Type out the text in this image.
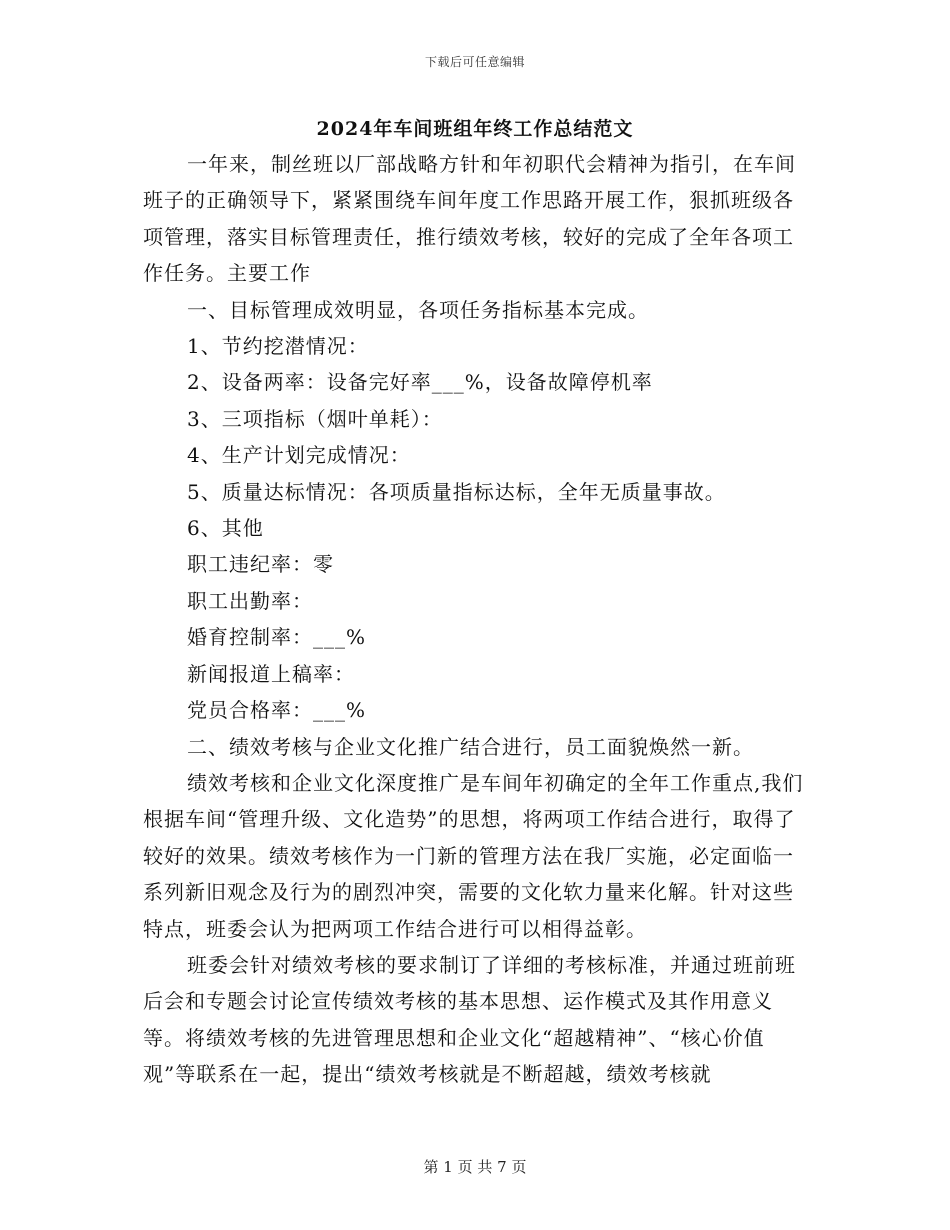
下载后可任意编辑
2024年车间班组年终工作总结范文

一年来，制丝班以厂部战略方针和年初职代会精神为指引，在车间班子的正确领导下，紧紧围绕车间年度工作思路开展工作，狠抓班级各项管理，落实目标管理责任，推行绩效考核，较好的完成了全年各项工作任务。主要工作

一、目标管理成效明显，各项任务指标基本完成。

1、节约挖潜情况：

2、设备两率：设备完好率___%，设备故障停机率

3、三项指标（烟叶单耗）：

4、生产计划完成情况：

5、质量达标情况：各项质量指标达标，全年无质量事故。

6、其他

职工违纪率：零

职工出勤率：

婚育控制率：___%

新闻报道上稿率：

党员合格率：___%

二、绩效考核与企业文化推广结合进行，员工面貌焕然一新。

绩效考核和企业文化深度推广是车间年初确定的全年工作重点,我们根据车间“管理升级、文化造势”的思想，将两项工作结合进行，取得了较好的效果。绩效考核作为一门新的管理方法在我厂实施，必定面临一系列新旧观念及行为的剧烈冲突，需要的文化软力量来化解。针对这些特点，班委会认为把两项工作结合进行可以相得益彰。

班委会针对绩效考核的要求制订了详细的考核标准，并通过班前班后会和专题会讨论宣传绩效考核的基本思想、运作模式及其作用意义等。将绩效考核的先进管理思想和企业文化“超越精神”、“核心价值观”等联系在一起，提出“绩效考核就是不断超越，绩效考核就

第 1 页 共 7 页
